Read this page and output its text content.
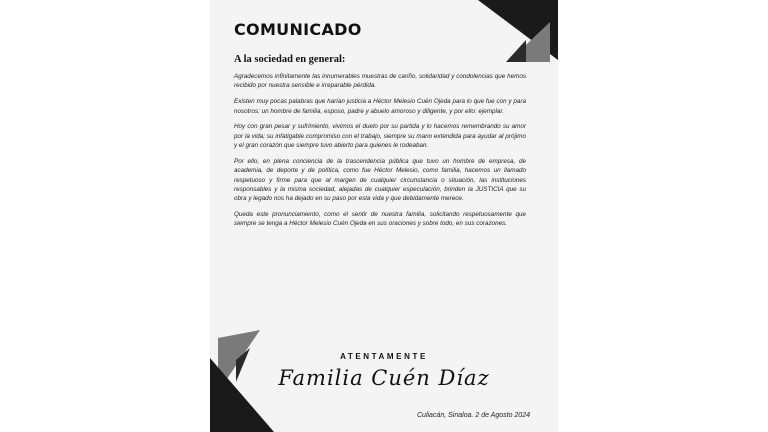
COMUNICADO
A la sociedad en general:

Agradecemos infinitamente las innumerables muestras de cariño, solidaridad y condolencias que hemos recibido por nuestra sensible e irreparable pérdida.

Existen muy pocas palabras que harían justicia a Héctor Melesio Cuén Ojeda para lo que fue con y para nosotros: un hombre de familia, esposo, padre y abuelo amoroso y diligente, y por ello: ejemplar.

Hoy con gran pesar y sufrimiento, vivimos el duelo por su partida y lo hacemos remembrando su amor por la vida; su infatigable compromiso con el trabajo, siempre su mano extendida para ayudar al prójimo y el gran corazón que siempre tuvo abierto para quienes le rodeaban.

Por ello, en plena conciencia de la trascendencia pública que tuvo un hombre de empresa, de academia, de deporte y de política, como fue Héctor Melesio, como familia, hacemos un llamado respetuoso y firme para que al margen de cualquier circunstancia o situación, las instituciones responsables y la misma sociedad, alejadas de cualquier especulación, brinden la JUSTICIA que su obra y legado nos ha dejado en su paso por esta vida y que debidamente merece.

Queda este pronunciamiento, como el sentir de nuestra familia, solicitando respetuosamente que siempre se tenga a Héctor Melesio Cuén Ojeda en sus oraciones y sobre todo, en sus corazones.

ATENTAMENTE
Familia Cuén Díaz
Culiacán, Sinaloa. 2 de Agosto 2024
